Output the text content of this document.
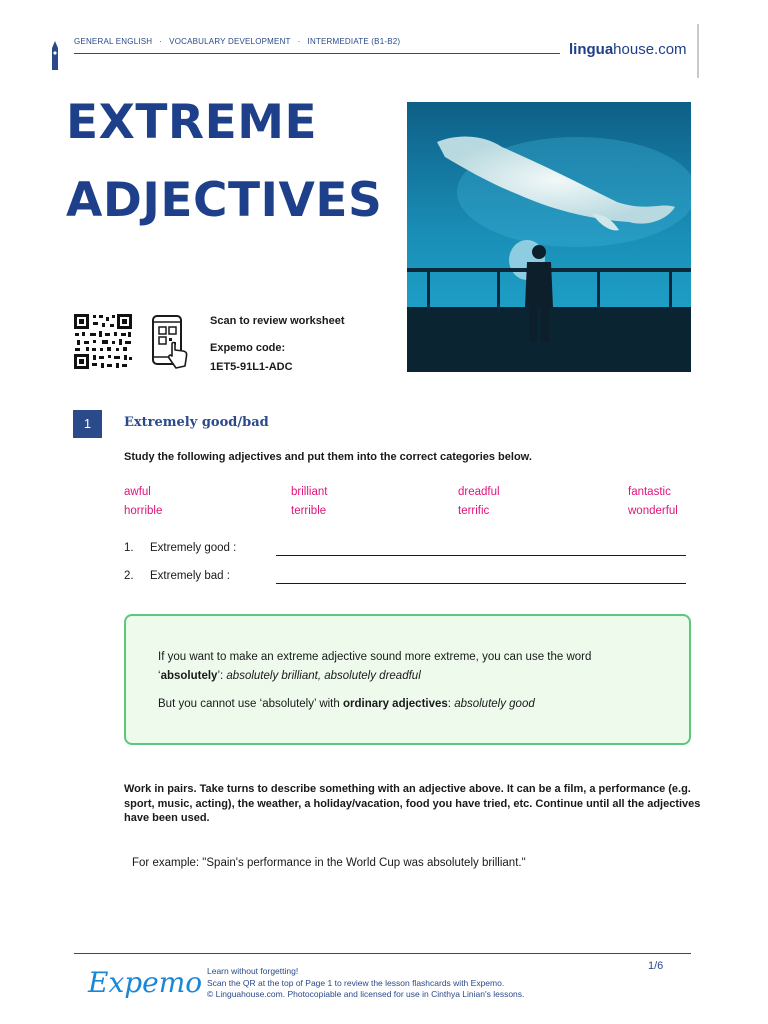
GENERAL ENGLISH · VOCABULARY DEVELOPMENT · INTERMEDIATE (B1-B2)	linguahouse.com
EXTREME
ADJECTIVES
Scan to review worksheet
Expemo code:
1ET5-91L1-ADC
1	Extremely good/bad
Study the following adjectives and put them into the correct categories below.
awful	brilliant	dreadful	fantastic
horrible	terrible	terrific	wonderful
1. Extremely good :
2. Extremely bad :
If you want to make an extreme adjective sound more extreme, you can use the word
‘absolutely’: absolutely brilliant, absolutely dreadful
But you cannot use ‘absolutely’ with ordinary adjectives: absolutely good
Work in pairs. Take turns to describe something with an adjective above. It can be a film, a performance (e.g. sport, music, acting), the weather, a holiday/vacation, food you have tried, etc. Continue until all the adjectives have been used.
For example: "Spain's performance in the World Cup was absolutely brilliant."
Expemo Learn without forgetting!
Scan the QR at the top of Page 1 to review the lesson flashcards with Expemo.
© Linguahouse.com. Photocopiable and licensed for use in Cinthya Linian's lessons.
1/6
